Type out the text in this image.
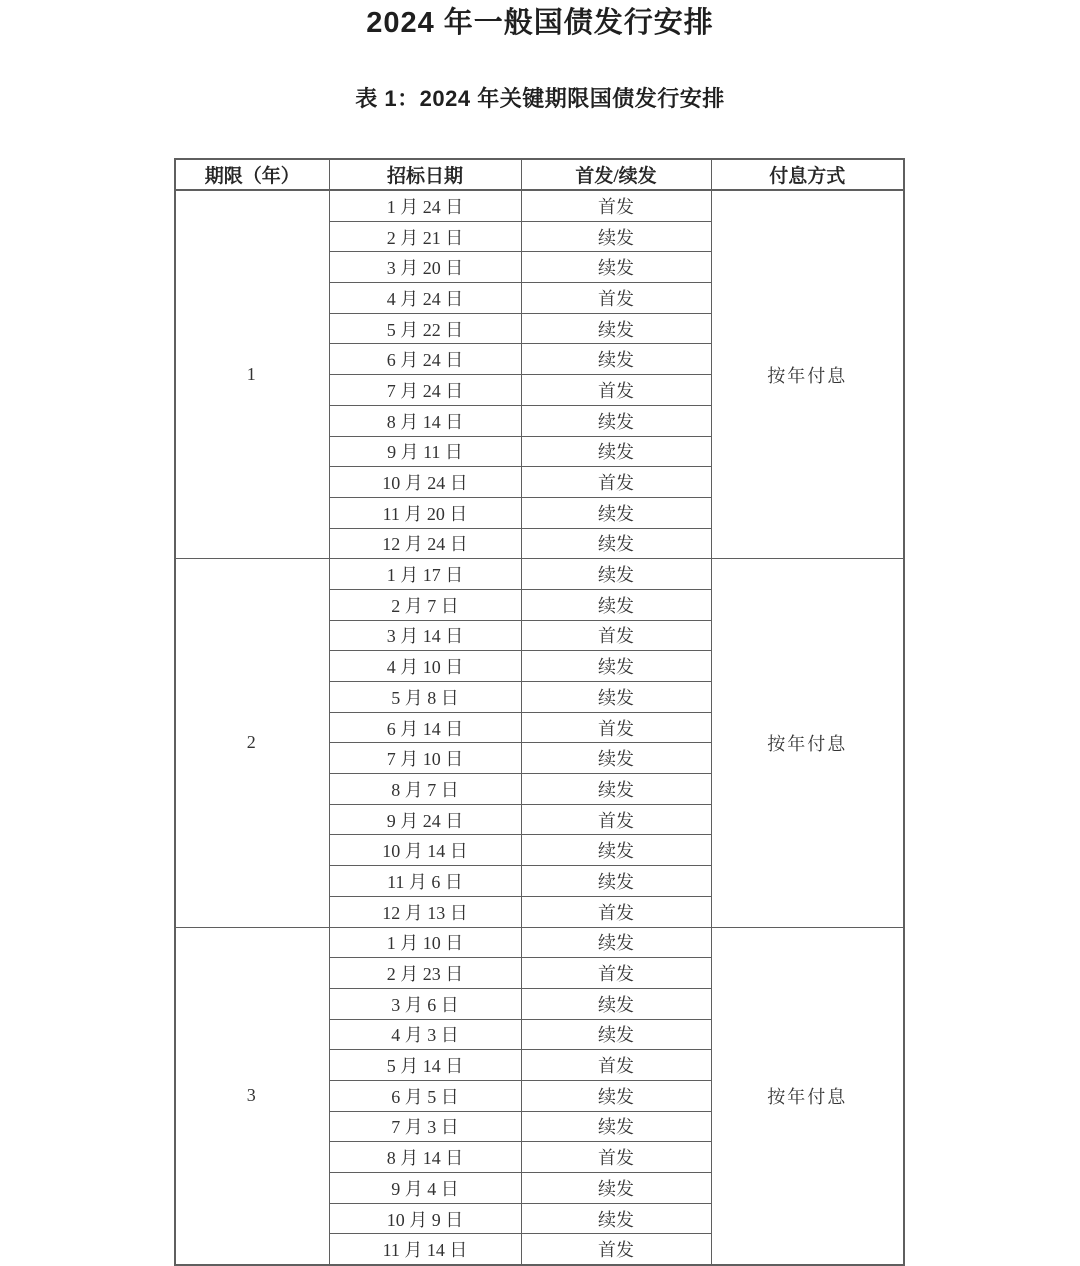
2024 年一般国债发行安排
表 1：2024 年关键期限国债发行安排
期限（年）	招标日期	首发/续发	付息方式
1	1 月 24 日	首发	按年付息
	2 月 21 日	续发	
	3 月 20 日	续发	
	4 月 24 日	首发	
	5 月 22 日	续发	
	6 月 24 日	续发	
	7 月 24 日	首发	
	8 月 14 日	续发	
	9 月 11 日	续发	
	10 月 24 日	首发	
	11 月 20 日	续发	
	12 月 24 日	续发	
2	1 月 17 日	续发	按年付息
	2 月 7 日	续发	
	3 月 14 日	首发	
	4 月 10 日	续发	
	5 月 8 日	续发	
	6 月 14 日	首发	
	7 月 10 日	续发	
	8 月 7 日	续发	
	9 月 24 日	首发	
	10 月 14 日	续发	
	11 月 6 日	续发	
	12 月 13 日	首发	
3	1 月 10 日	续发	按年付息
	2 月 23 日	首发	
	3 月 6 日	续发	
	4 月 3 日	续发	
	5 月 14 日	首发	
	6 月 5 日	续发	
	7 月 3 日	续发	
	8 月 14 日	首发	
	9 月 4 日	续发	
	10 月 9 日	续发	
	11 月 14 日	首发	
